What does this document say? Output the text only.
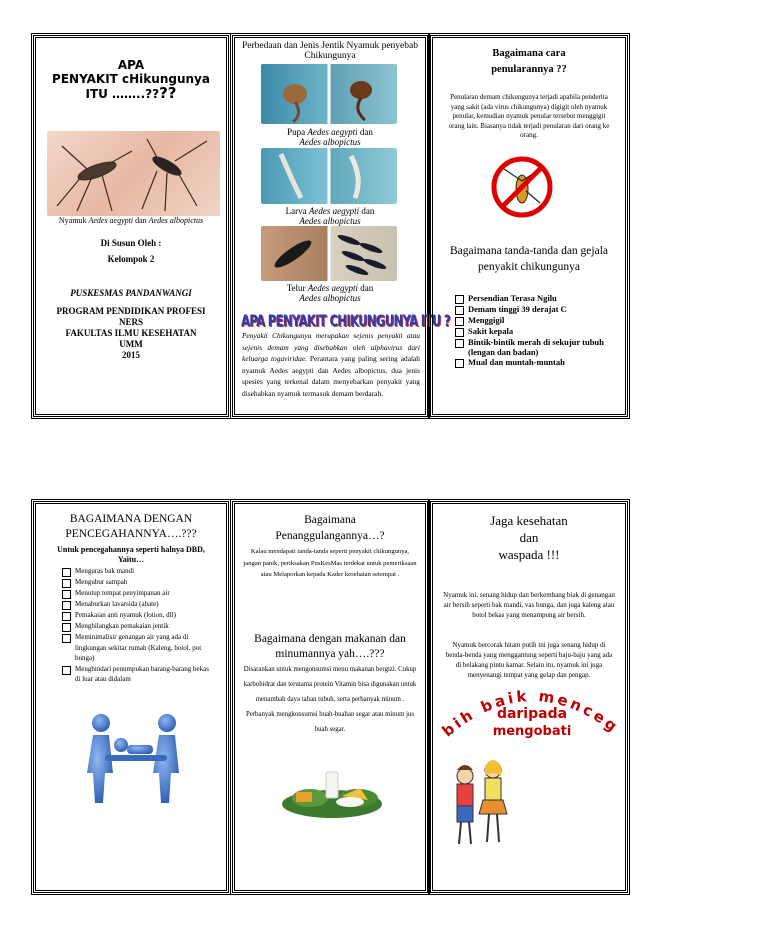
APA
PENYAKIT cHikungunya
ITU ……..????
Nyamuk Aedes aegypti dan Aedes albopictus
Di Susun Oleh :
Kelompok 2
PUSKESMAS PANDANWANGI
PROGRAM PENDIDIKAN PROFESI NERS
FAKULTAS ILMU KESEHATAN
UMM
2015
Perbedaan dan Jenis Jentik Nyamuk penyebab Chikungunya
Pupa Aedes aegypti dan
Aedes albopictus
Larva Aedes aegypti dan
Aedes albopictus
Telur Aedes aegypti dan
Aedes albopictus
APA PENYAKIT CHIKUNGUNYA ITU ?
Penyakit Chikungunya merupakan sejenis penyakit atau sejenis demam yang disebabkan oleh alphavirus dari keluarga togaviridae. Perantara yang paling sering adalah nyamuk Aedes aegypti dan Aedes albopictus, dua jenis spesies yang terkenal dalam menyebarkan penyakit yang disebabkan nyamuk termasuk demam berdarah.
Bagaimana cara penularannya ??
Penularan demam chikungunya terjadi apabila penderita yang sakit (ada virus chikungunya) digigit oleh nyamuk penular, kemudian nyamuk penular tersebut menggigit orang lain. Biasanya tidak terjadi penularan dari orang ke orang.
Bagaimana tanda-tanda dan gejala penyakit chikungunya
Persendian Terasa Ngilu
Demam tinggi 39 derajat C
Menggigil
Sakit kepala
Bintik-bintik merah di sekujur tubuh (lengan dan badan)
Mual dan muntah-muntah
BAGAIMANA DENGAN PENCEGAHANNYA….???
Untuk pencegahannya seperti halnya DBD, Yaitu…
Menguras bak mandi
Mengubur sampah
Menutup tempat penyimpanan air
Menaburkan lavarsida (abate)
Pemakaian anti nyamuk (lotion, dll)
Menghilangkan pemakaian jentik
Meminimalisir genangan air yang ada di lingkungan sekitar rumah (Kaleng, botol, pot bunga)
Menghindari penumpukan barang-barang bekas di luar atau didalam
Bagaimana Penanggulangannya…?
Kalau mendapati tanda-tanda seperti penyakit chikungunya, jangan panik, periksakan PusKesMas terdekat untuk pemeriksaan atau Melaporkan kepada Kader kesehatan setempat .
Bagaimana dengan makanan dan minumannya yah….???
Disarankan untuk mengonsumsi menu makanan bergizi. Cukup karbohidrat dan terutama protein Vitamin bisa digunakan untuk menambah daya tahan tubuh, serta perbanyak minum . Perbanyak mengkonsumsi buah-buahan segar atau minum jus buah segar.
Jaga kesehatan
dan
waspada !!!
Nyamuk ini, senang hidup dan berkembang biak di genangan air bersih seperti bak mandi, vas bunga, dan juga kaleng atau botol bekas yang menampung air bersih.
Nyamuk bercorak hitam putih ini juga senang hidup di benda-benda yang menggantung seperti baju-baju yang ada di belakang pintu kamar. Selain itu, nyamuk ini juga menyenangi tempat yang gelap dan pengap.
bih baik menceg
daripada
mengobati
